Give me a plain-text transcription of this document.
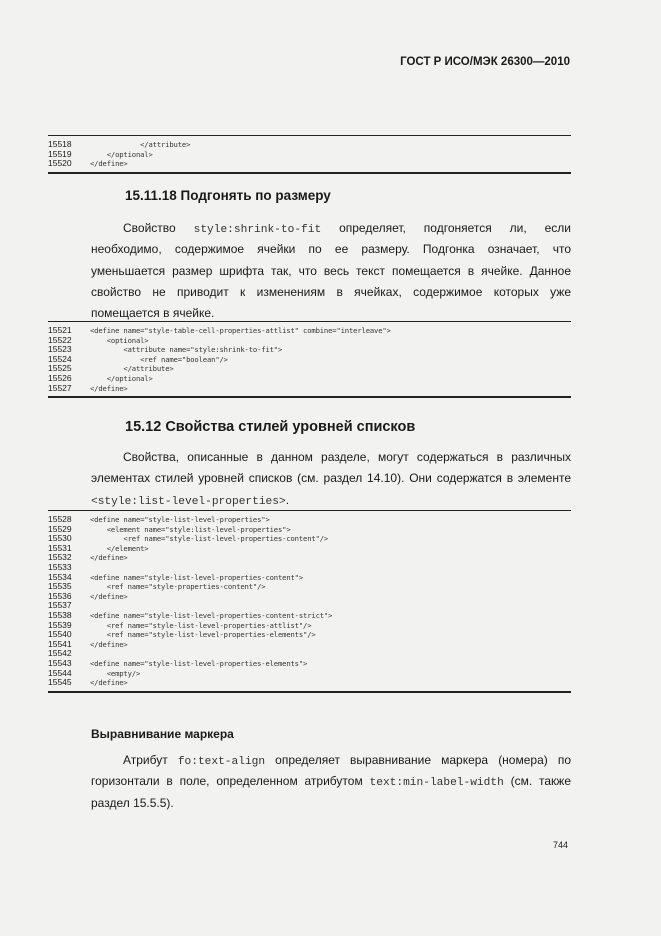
ГОСТ Р ИСО/МЭК 26300—2010
15518	</attribute>
15519	</optional>
15520	</define>
15.11.18 Подгонять по размеру
Свойство style:shrink-to-fit определяет, подгоняется ли, если
необходимо, содержимое ячейки по ее размеру. Подгонка означает, что
уменьшается размер шрифта так, что весь текст помещается в ячейке. Данное
свойство не приводит к изменениям в ячейках, содержимое которых уже
помещается в ячейке.
15521	<define name="style-table-cell-properties-attlist" combine="interleave">
15522	<optional>
15523	<attribute name="style:shrink-to-fit">
15524	<ref name="boolean"/>
15525	</attribute>
15526	</optional>
15527	</define>
15.12 Свойства стилей уровней списков
Свойства, описанные в данном разделе, могут содержаться в различных
элементах стилей уровней списков (см. раздел 14.10). Они содержатся в элементе
<style:list-level-properties>.
15528	<define name="style-list-level-properties">
15529	<element name="style:list-level-properties">
15530	<ref name="style-list-level-properties-content"/>
15531	</element>
15532	</define>
15533
15534	<define name="style-list-level-properties-content">
15535	<ref name="style-properties-content"/>
15536	</define>
15537
15538	<define name="style-list-level-properties-content-strict">
15539	<ref name="style-list-level-properties-attlist"/>
15540	<ref name="style-list-level-properties-elements"/>
15541	</define>
15542
15543	<define name="style-list-level-properties-elements">
15544	<empty/>
15545	</define>
Выравнивание маркера
Атрибут fo:text-align определяет выравнивание маркера (номера) по
горизонтали в поле, определенном атрибутом text:min-label-width (см. также
раздел 15.5.5).
744
